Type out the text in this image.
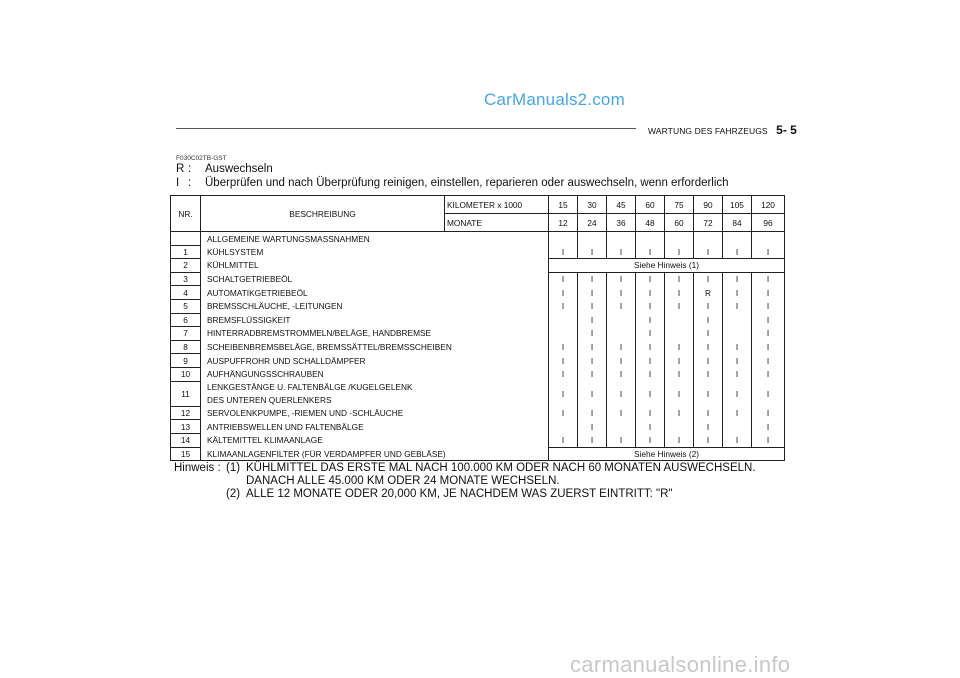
CarManuals2.com
WARTUNG DES FAHRZEUGS 5- 5
F030C02TB-GST
R :	Auswechseln
I :	Überprüfen und nach Überprüfung reinigen, einstellen, reparieren oder auswechseln, wenn erforderlich
NR.	BESCHREIBUNG	KILOMETER x 1000	15	30	45	60	75	90	105	120
		MONATE	12	24	36	48	60	72	84	96
	ALLGEMEINE WARTUNGSMASSNAHMEN									
1	KÜHLSYSTEM		I	I	I	I	I	I	I	I
2	KÜHLMITTEL		Siehe Hinweis (1)							
3	SCHALTGETRIEBEÖL		I	I	I	I	I	I	I	I
4	AUTOMATIKGETRIEBEÖL		I	I	I	I	I	R	I	I
5	BREMSSCHLÄUCHE, -LEITUNGEN		I	I	I	I	I	I	I	I
6	BREMSFLÜSSIGKEIT			I		I		I		I
7	HINTERRADBREMSTROMMELN/BELÄGE, HANDBREMSE			I		I		I		I
8	SCHEIBENBREMSBELÄGE, BREMSSÄTTEL/BREMSSCHEIBEN		I	I	I	I	I	I	I	I
9	AUSPUFFROHR UND SCHALLDÄMPFER		I	I	I	I	I	I	I	I
10	AUFHÄNGUNGSSCHRAUBEN		I	I	I	I	I	I	I	I
11	LENKGESTÄNGE U. FALTENBÄLGE /KUGELGELENK		I	I	I	I	I	I	I	I
	DES UNTEREN QUERLENKERS									
12	SERVOLENKPUMPE, -RIEMEN UND -SCHLÄUCHE		I	I	I	I	I	I	I	I
13	ANTRIEBSWELLEN UND FALTENBÄLGE			I		I		I		I
14	KÄLTEMITTEL KLIMAANLAGE		I	I	I	I	I	I	I	I
15	KLIMAANLAGENFILTER (FÜR VERDAMPFER UND GEBLÄSE)		Siehe Hinweis (2)							
Hinweis : (1) KÜHLMITTEL DAS ERSTE MAL NACH 100.000 KM ODER NACH 60 MONATEN AUSWECHSELN.
DANACH ALLE 45.000 KM ODER 24 MONATE WECHSELN.
(2) ALLE 12 MONATE ODER 20,000 KM, JE NACHDEM WAS ZUERST EINTRITT: "R"
carmanualsonline.info
